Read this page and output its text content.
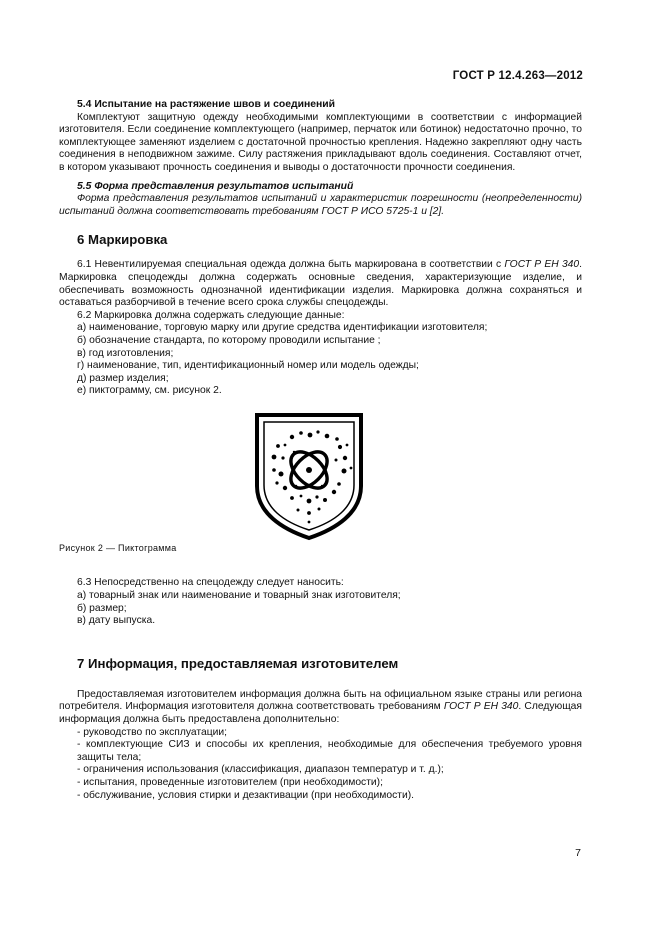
ГОСТ Р 12.4.263—2012

5.4 Испытание на растяжение швов и соединений

Комплектуют защитную одежду необходимыми комплектующими в соответствии с информацией изготовителя. Если соединение комплектующего (например, перчаток или ботинок) недостаточно прочно, то комплектующее заменяют изделием с достаточной прочностью крепления. Надежно закрепляют одну часть соединения в неподвижном зажиме. Силу растяжения прикладывают вдоль соединения. Составляют отчет, в котором указывают прочность соединения и выводы о достаточности прочности соединения.

5.5 Форма представления результатов испытаний

Форма представления результатов испытаний и характеристик погрешности (неопределенности) испытаний должна соответствовать требованиям ГОСТ Р ИСО 5725-1 и [2].

6 Маркировка

6.1 Невентилируемая специальная одежда должна быть маркирована в соответствии с ГОСТ Р ЕН 340. Маркировка спецодежды должна содержать основные сведения, характеризующие изделие, и обеспечивать возможность однозначной идентификации изделия. Маркировка должна сохраняться и оставаться разборчивой в течение всего срока службы спецодежды.

6.2 Маркировка должна содержать следующие данные:

а) наименование, торговую марку или другие средства идентификации изготовителя;

б) обозначение стандарта, по которому проводили испытание ;

в) год изготовления;

г) наименование, тип, идентификационный номер или модель одежды;

д) размер изделия;

е) пиктограмму, см. рисунок 2.

Рисунок 2 — Пиктограмма

6.3 Непосредственно на спецодежду следует наносить:

а) товарный знак или наименование и товарный знак изготовителя;

б) размер;

в) дату выпуска.

7 Информация, предоставляемая изготовителем

Предоставляемая изготовителем информация должна быть на официальном языке страны или региона потребителя. Информация изготовителя должна соответствовать требованиям ГОСТ Р ЕН 340. Следующая информация должна быть предоставлена дополнительно:

- руководство по эксплуатации;

- комплектующие СИЗ и способы их крепления, необходимые для обеспечения требуемого уровня защиты тела;

- ограничения использования (классификация, диапазон температур и т. д.);

- испытания, проведенные изготовителем (при необходимости);

- обслуживание, условия стирки и дезактивации (при необходимости).

7
